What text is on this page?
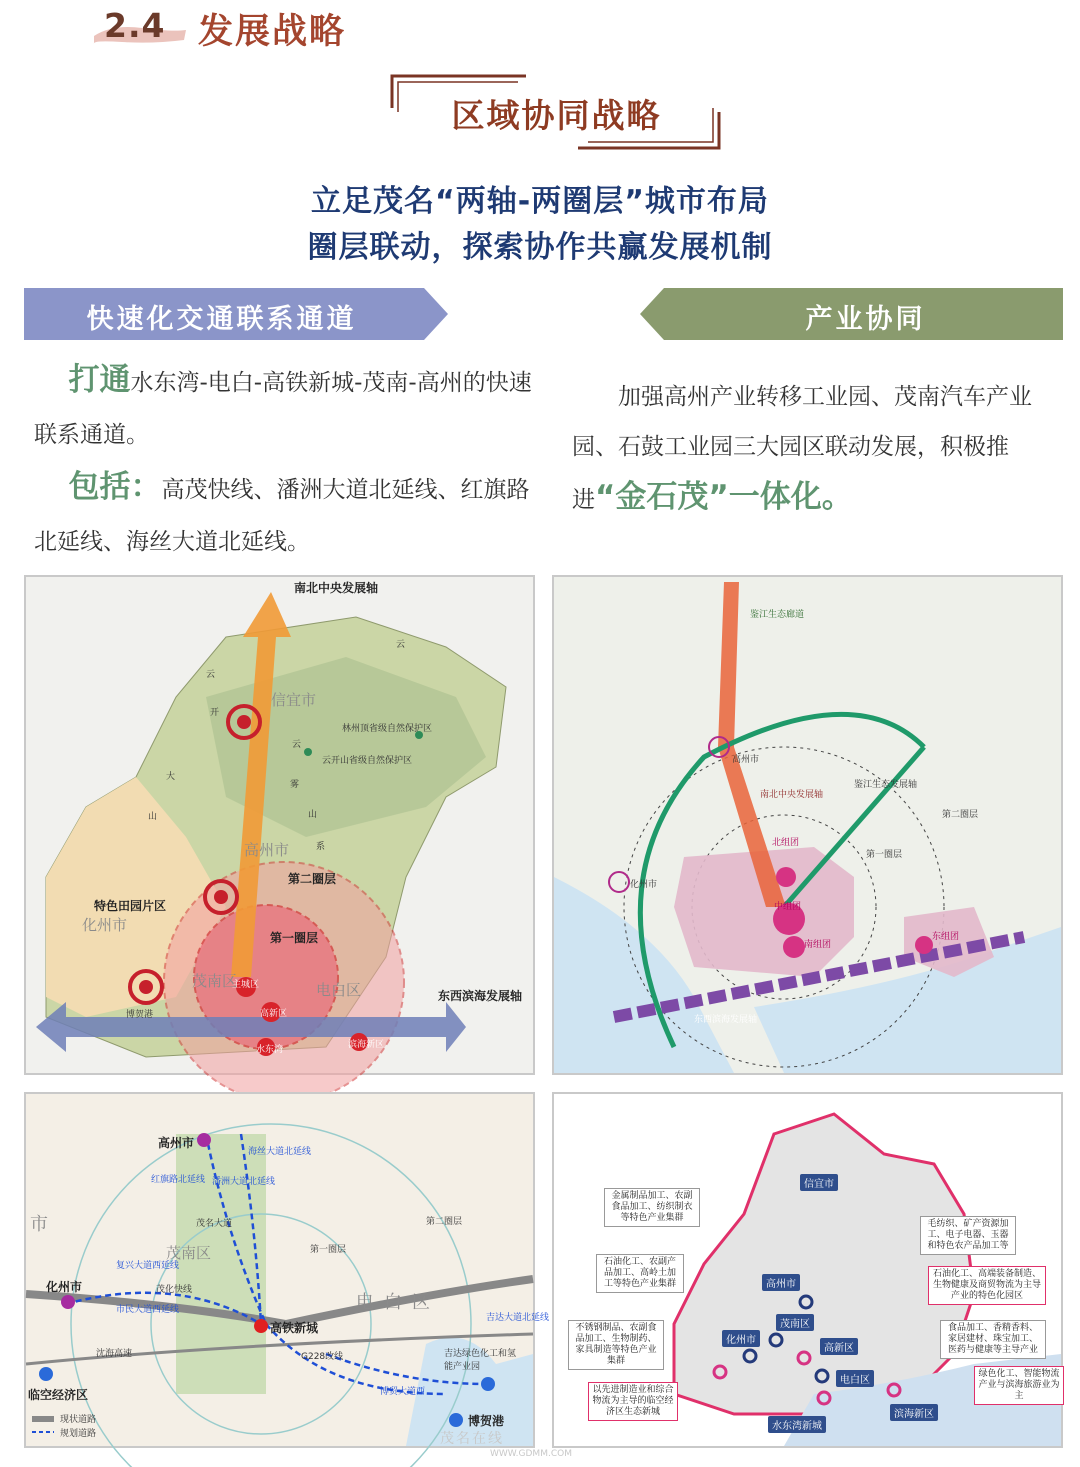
2.4 发展战略
区域协同战略
立足茂名“两轴-两圈层”城市布局
圈层联动，探索协作共赢发展机制
快速化交通联系通道	产业协同
  打通水东湾-电白-高铁新城-茂南-高州的快速联系通道。
  包括：高茂快线、潘洲大道北延线、红旗路北延线、海丝大道北延线。
  加强高州产业转移工业园、茂南汽车产业园、石鼓工业园三大园区联动发展，积极推进“金石茂”一体化。
南北中央发展轴
东西滨海发展轴
信宜市
高州市
化州市
茂南区	电白区
第二圈层
第一圈层
特色田园片区
林州顶省级自然保护区
云开山省级自然保护区
云
云
开
大
山
云
雾
山
系
主城区
高新区
水东湾	滨海新区
博贺港
高州市
化州市
鉴江生态廊道
南北中央发展轴
东西滨海发展轴
鉴江生态发展轴
第一圈层
第二圈层
北组团
中组团
南组团
东组团
高州市
化州市
茂名大道
茂南区
电白区
市	第二圈层
第一圈层
高铁新城
G228改线
博贸大道西
沈海高速
临空经济区
博贺港
吉达绿色化工和氢能产业园
海丝大道北延线
潘洲大道北延线
红旗路北延线
复兴大道西延线
市民大道西延线
茂化快线
吉达大道北延线
现状道路
规划道路
信宜市
高州市
茂南区
化州市
高新区
电白区
滨海新区
水东湾新城
金属制品加工、农副食品加工、纺织制衣等特色产业集群
石油化工、农副产品加工、高岭土加工等特色产业集群
不锈钢制品、农副食品加工、生物制药、家具制造等特色产业集群
以先进制造业和综合物流为主导的临空经济区生态新城
毛纺织、矿产资源加工、电子电器、玉器和特色农产品加工等
石油化工、高端装备制造、生物健康及商贸物流为主导产业的特色化园区
食品加工、香精香料、家居建材、珠宝加工、医药与健康等主导产业
绿色化工、智能物流产业与滨海旅游业为主
茂名在线
WWW.GDMM.COM
